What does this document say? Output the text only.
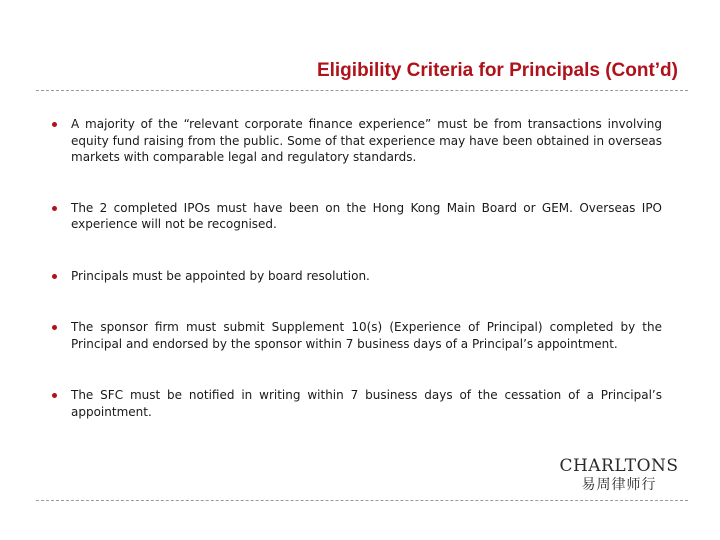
Eligibility Criteria for Principals (Cont’d)
A majority of the “relevant corporate finance experience” must be from transactions involving equity fund raising from the public. Some of that experience may have been obtained in overseas markets with comparable legal and regulatory standards.
The 2 completed IPOs must have been on the Hong Kong Main Board or GEM. Overseas IPO experience will not be recognised.
Principals must be appointed by board resolution.
The sponsor firm must submit Supplement 10(s) (Experience of Principal) completed by the Principal and endorsed by the sponsor within 7 business days of a Principal’s appointment.
The SFC must be notified in writing within 7 business days of the cessation of a Principal’s appointment.
CHARLTONS
易周律师行
